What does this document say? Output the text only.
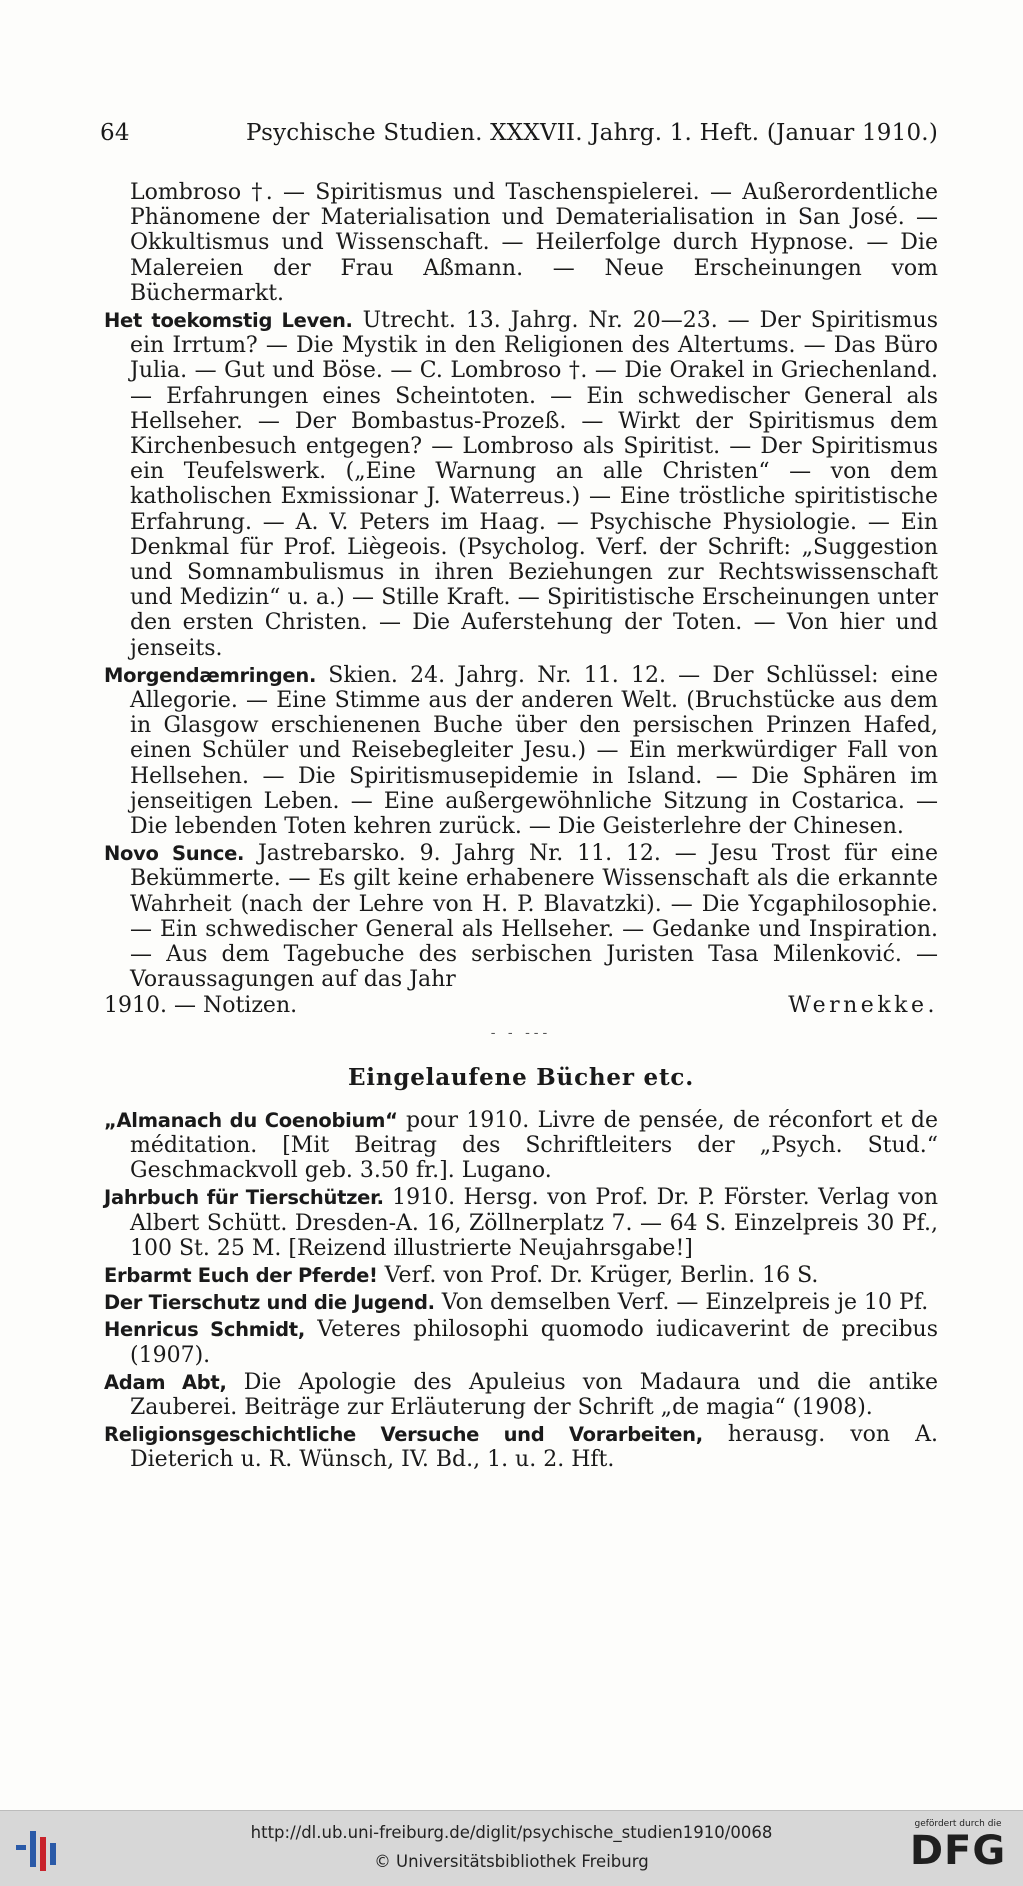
64	Psychische Studien. XXXVII. Jahrg. 1. Heft. (Januar 1910.)

Lombroso †. — Spiritismus und Taschenspielerei. — Außerordentliche Phänomene der Materialisation und Dematerialisation in San José. — Okkultismus und Wissenschaft. — Heilerfolge durch Hypnose. — Die Malereien der Frau Aßmann. — Neue Erscheinungen vom Büchermarkt.

Het toekomstig Leven. Utrecht. 13. Jahrg. Nr. 20—23. — Der Spiritismus ein Irrtum? — Die Mystik in den Religionen des Altertums. — Das Büro Julia. — Gut und Böse. — C. Lombroso †. — Die Orakel in Griechenland. — Erfahrungen eines Scheintoten. — Ein schwedischer General als Hellseher. — Der Bombastus-Prozeß. — Wirkt der Spiritismus dem Kirchenbesuch entgegen? — Lombroso als Spiritist. — Der Spiritismus ein Teufelswerk. („Eine Warnung an alle Christen“ — von dem katholischen Exmissionar J. Waterreus.) — Eine tröstliche spiritistische Erfahrung. — A. V. Peters im Haag. — Psychische Physiologie. — Ein Denkmal für Prof. Liègeois. (Psycholog. Verf. der Schrift: „Suggestion und Somnambulismus in ihren Beziehungen zur Rechtswissenschaft und Medizin“ u. a.) — Stille Kraft. — Spiritistische Erscheinungen unter den ersten Christen. — Die Auferstehung der Toten. — Von hier und jenseits.

Morgendæmringen. Skien. 24. Jahrg. Nr. 11. 12. — Der Schlüssel: eine Allegorie. — Eine Stimme aus der anderen Welt. (Bruchstücke aus dem in Glasgow erschienenen Buche über den persischen Prinzen Hafed, einen Schüler und Reisebegleiter Jesu.) — Ein merkwürdiger Fall von Hellsehen. — Die Spiritismusepidemie in Island. — Die Sphären im jenseitigen Leben. — Eine außergewöhnliche Sitzung in Costarica. — Die lebenden Toten kehren zurück. — Die Geisterlehre der Chinesen.

Novo Sunce. Jastrebarsko. 9. Jahrg Nr. 11. 12. — Jesu Trost für eine Bekümmerte. — Es gilt keine erhabenere Wissenschaft als die erkannte Wahrheit (nach der Lehre von H. P. Blavatzki). — Die Ycgaphilosophie. — Ein schwedischer General als Hellseher. — Gedanke und Inspiration. — Aus dem Tagebuche des serbischen Juristen Tasa Milenković. — Voraussagungen auf das Jahr
1910. — Notizen.	Wernekke.
- - ---
Eingelaufene Bücher etc.

„Almanach du Coenobium“ pour 1910. Livre de pensée, de réconfort et de méditation. [Mit Beitrag des Schriftleiters der „Psych. Stud.“ Geschmackvoll geb. 3.50 fr.]. Lugano.

Jahrbuch für Tierschützer. 1910. Hersg. von Prof. Dr. P. Förster. Verlag von Albert Schütt. Dresden-A. 16, Zöllnerplatz 7. — 64 S. Einzelpreis 30 Pf., 100 St. 25 M. [Reizend illustrierte Neujahrsgabe!]

Erbarmt Euch der Pferde! Verf. von Prof. Dr. Krüger, Berlin. 16 S.

Der Tierschutz und die Jugend. Von demselben Verf. — Einzelpreis je 10 Pf.

Henricus Schmidt, Veteres philosophi quomodo iudicaverint de precibus (1907).

Adam Abt, Die Apologie des Apuleius von Madaura und die antike Zauberei. Beiträge zur Erläuterung der Schrift „de magia“ (1908).

Religionsgeschichtliche Versuche und Vorarbeiten, herausg. von A. Dieterich u. R. Wünsch, IV. Bd., 1. u. 2. Hft.

http://dl.ub.uni-freiburg.de/diglit/psychische_studien1910/0068
© Universitätsbibliothek Freiburg
gefördert durch die
DFG
